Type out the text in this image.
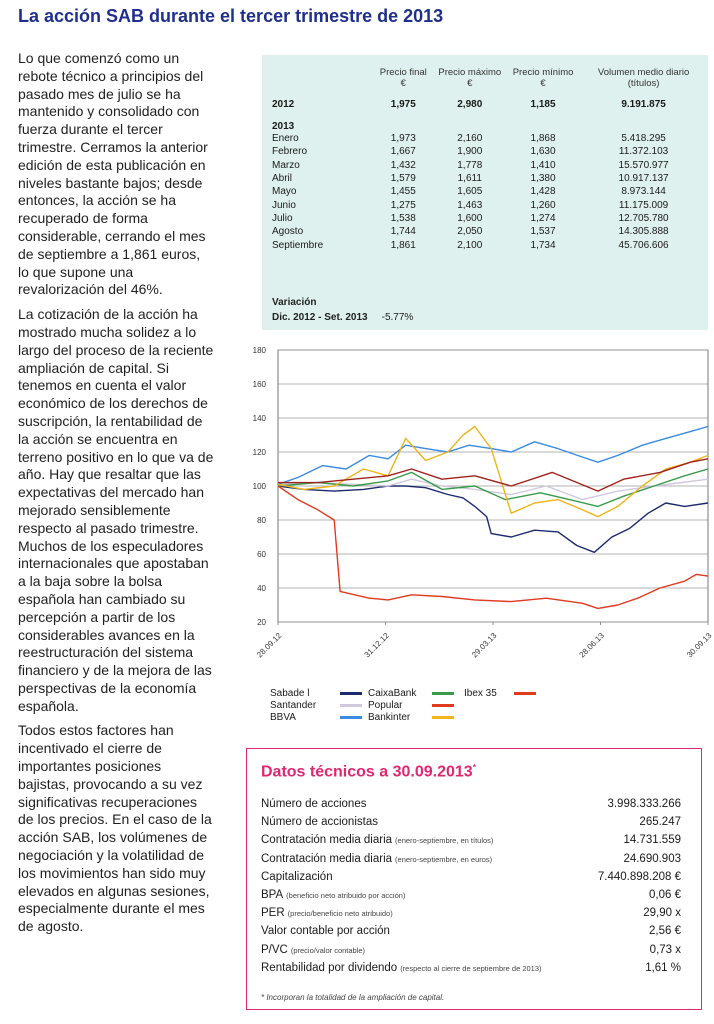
La acción SAB durante el tercer trimestre de 2013

Lo que comenzó como un rebote técnico a principios del pasado mes de julio se ha mantenido y consolidado con fuerza durante el tercer trimestre. Cerramos la anterior edición de esta publicación en niveles bastante bajos; desde entonces, la acción se ha recuperado de forma considerable, cerrando el mes de septiembre a 1,861 euros, lo que supone una revalorización del 46%.

La cotización de la acción ha mostrado mucha solidez a lo largo del proceso de la reciente ampliación de capital. Si tenemos en cuenta el valor económico de los derechos de suscripción, la rentabilidad de la acción se encuentra en terreno positivo en lo que va de año. Hay que resaltar que las expectativas del mercado han mejorado sensiblemente respecto al pasado trimestre. Muchos de los especuladores internacionales que apostaban a la baja sobre la bolsa española han cambiado su percepción a partir de los considerables avances en la reestructuración del sistema financiero y de la mejora de las perspectivas de la economía española.

Todos estos factores han incentivado el cierre de importantes posiciones bajistas, provocando a su vez significativas recuperaciones de los precios. En el caso de la acción SAB, los volúmenes de negociación y la volatilidad de los movimientos han sido muy elevados en algunas sesiones, especialmente durante el mes de agosto.

	Precio final €	Precio máximo €	Precio mínimo €	Volumen medio diario (títulos)
2012	1,975	2,980	1,185	9.191.875
2013				
Enero	1,973	2,160	1,868	5.418.295
Febrero	1,667	1,900	1,630	11.372.103
Marzo	1,432	1,778	1,410	15.570.977
Abril	1,579	1,611	1,380	10.917.137
Mayo	1,455	1,605	1,428	8.973.144
Junio	1,275	1,463	1,260	11.175.009
Julio	1,538	1,600	1,274	12.705.780
Agosto	1,744	2,050	1,537	14.305.888
Septiembre	1,861	2,100	1,734	45.706.606
Variación
Dic. 2012 - Set. 2013 -5.77%
20
40
60
80
100
120
140
160
180
28.09.12	31.12.12	29.03.13	28.06.13	30.09.13
Sabade l
Santander
BBVA
CaixaBank
Popular
Bankinter
Ibex 35
Datos técnicos a 30.09.2013*
Número de acciones	3.998.333.266
Número de accionistas	265.247
Contratación media diaria (enero-septiembre, en títulos)	14.731.559
Contratación media diaria (enero-septiembre, en euros)	24.690.903
Capitalización	7.440.898.208 €
BPA (beneficio neto atribuido por acción)	0,06 €
PER (precio/beneficio neto atribuido)	29,90 x
Valor contable por acción	2,56 €
P/VC (precio/valor contable)	0,73 x
Rentabilidad por dividendo (respecto al cierre de septiembre de 2013)	1,61 %
* Incorporan la totalidad de la ampliación de capital.
